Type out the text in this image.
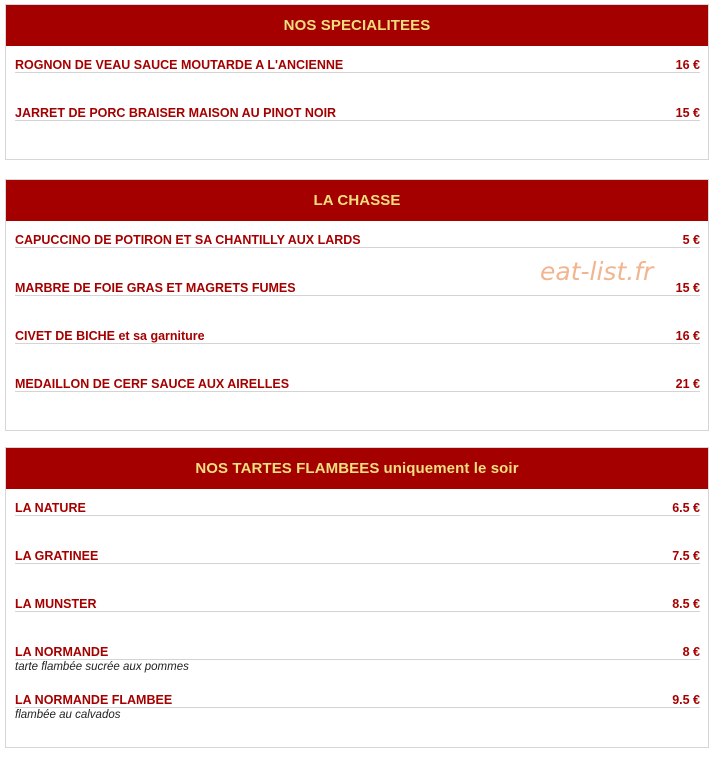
NOS SPECIALITEES
ROGNON DE VEAU SAUCE MOUTARDE A L'ANCIENNE	16 €
JARRET DE PORC BRAISER MAISON AU PINOT NOIR	15 €
LA CHASSE
CAPUCCINO DE POTIRON ET SA CHANTILLY AUX LARDS	5 €
MARBRE DE FOIE GRAS ET MAGRETS FUMES	15 €
CIVET DE BICHE et sa garniture	16 €
MEDAILLON DE CERF SAUCE AUX AIRELLES	21 €
NOS TARTES FLAMBEES uniquement le soir
LA NATURE	6.5 €
LA GRATINEE	7.5 €
LA MUNSTER	8.5 €
LA NORMANDE	8 €
tarte flambée sucrée aux pommes
LA NORMANDE FLAMBEE	9.5 €
flambée au calvados
eat-list.fr
